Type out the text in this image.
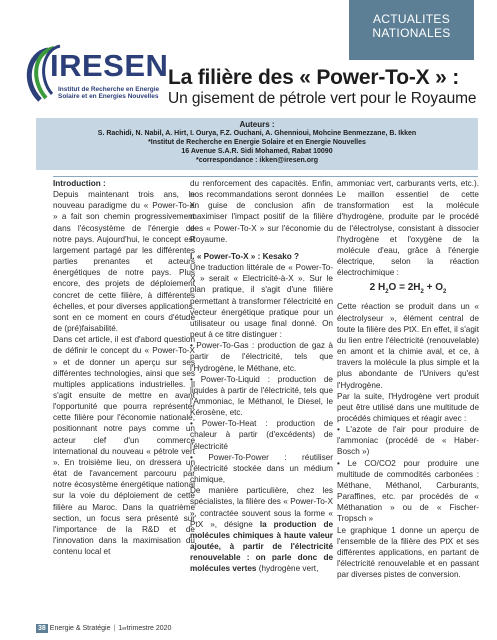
ACTUALITES
NATIONALES
IRESEN
Institut de Recherche en Energie
Solaire et en Energies Nouvelles
La filière des « Power-To-X » :
Un gisement de pétrole vert pour le Royaume
Auteurs :
S. Rachidi, N. Nabil, A. Hirt, I. Ourya, F.Z. Ouchani, A. Ghennioui, Mohcine Benmezzane, B. Ikken
*Institut de Recherche en Energie Solaire et en Energie Nouvelles
16 Avenue S.A.R. Sidi Mohamed, Rabat 10090
*correspondance : ikken@iresen.org
Introduction :

Depuis maintenant trois ans, le nouveau paradigme du « Power-To-X » a fait son chemin progressivement dans l'écosystème de l'énergie de notre pays. Aujourd'hui, le concept est largement partagé par les différentes parties prenantes et acteurs énergétiques de notre pays. Plus encore, des projets de déploiement concret de cette filière, à différentes échelles, et pour diverses applications, sont en ce moment en cours d'étude de (pré)faisabilité.

Dans cet article, il est d'abord question de définir le concept du « Power-To-X » et de donner un aperçu sur ses différentes technologies, ainsi que ses multiples applications industrielles. Il s'agit ensuite de mettre en avant l'opportunité que pourra représenter cette filière pour l'économie nationale, positionnant notre pays comme un acteur clef d'un commerce international du nouveau « pétrole vert ». En troisième lieu, on dressera un état de l'avancement parcouru par notre écosystème énergétique national sur la voie du déploiement de cette filière au Maroc. Dans la quatrième section, un focus sera présenté sur l'importance de la R&D et de l'innovation dans la maximisation du contenu local et

du renforcement des capacités. Enfin, nos recommandations seront données en guise de conclusion afin de maximiser l'impact positif de la filière des « Power-To-X » sur l'économie du Royaume.

I. « Power-To-X » : Kesako ?

Une traduction littérale de « Power-To-X » serait « Electricité-à-X ». Sur le plan pratique, il s'agit d'une filière permettant à transformer l'électricité en vecteur énergétique pratique pour un utilisateur ou usage final donné. On peut à ce titre distinguer :

• Power-To-Gas : production de gaz à partir de l'électricité, tels que l'Hydrogène, le Méthane, etc.

• Power-To-Liquid : production de liquides à partir de l'électricité, tels que l'Ammoniac, le Méthanol, le Diesel, le Kérosène, etc.

• Power-To-Heat : production de chaleur à partir (d'excédents) de l'électricité

• Power-To-Power : réutiliser l'électricité stockée dans un médium chimique,

De manière particulière, chez les spécialistes, la filière des « Power-To-X », contractée souvent sous la forme « PtX », désigne la production de molécules chimiques à haute valeur ajoutée, à partir de l'électricité renouvelable : on parle donc de molécules vertes (hydrogène vert,

ammoniac vert, carburants verts, etc.). Le maillon essentiel de cette transformation est la molécule d'hydrogène, produite par le procédé de l'électrolyse, consistant à dissocier l'hydrogène et l'oxygène de la molécule d'eau, grâce à l'énergie électrique, selon la réaction électrochimique :

2 $H_2O = 2H_2 + O_2$

Cette réaction se produit dans un « électrolyseur », élément central de toute la filière des PtX. En effet, il s'agit du lien entre l'électricité (renouvelable) en amont et la chimie aval, et ce, à travers la molécule la plus simple et la plus abondante de l'Univers qu'est l'Hydrogène.

Par la suite, l'Hydrogène vert produit peut être utilisé dans une multitude de procédés chimiques et réagir avec :

• L'azote de l'air pour produire de l'ammoniac (procédé de « Haber-Bosch »)

• Le CO/CO2 pour produire une multitude de commodités carbonées : Méthane, Méthanol, Carburants, Paraffines, etc. par procédés de « Méthanation » ou de « Fischer-Tropsch »

Le graphique 1 donne un aperçu de l'ensemble de la filière des PtX et ses différentes applications, en partant de l'électricité renouvelable et en passant par diverses pistes de conversion.

38 Energie & Stratégie | 1 er trimestre 2020
